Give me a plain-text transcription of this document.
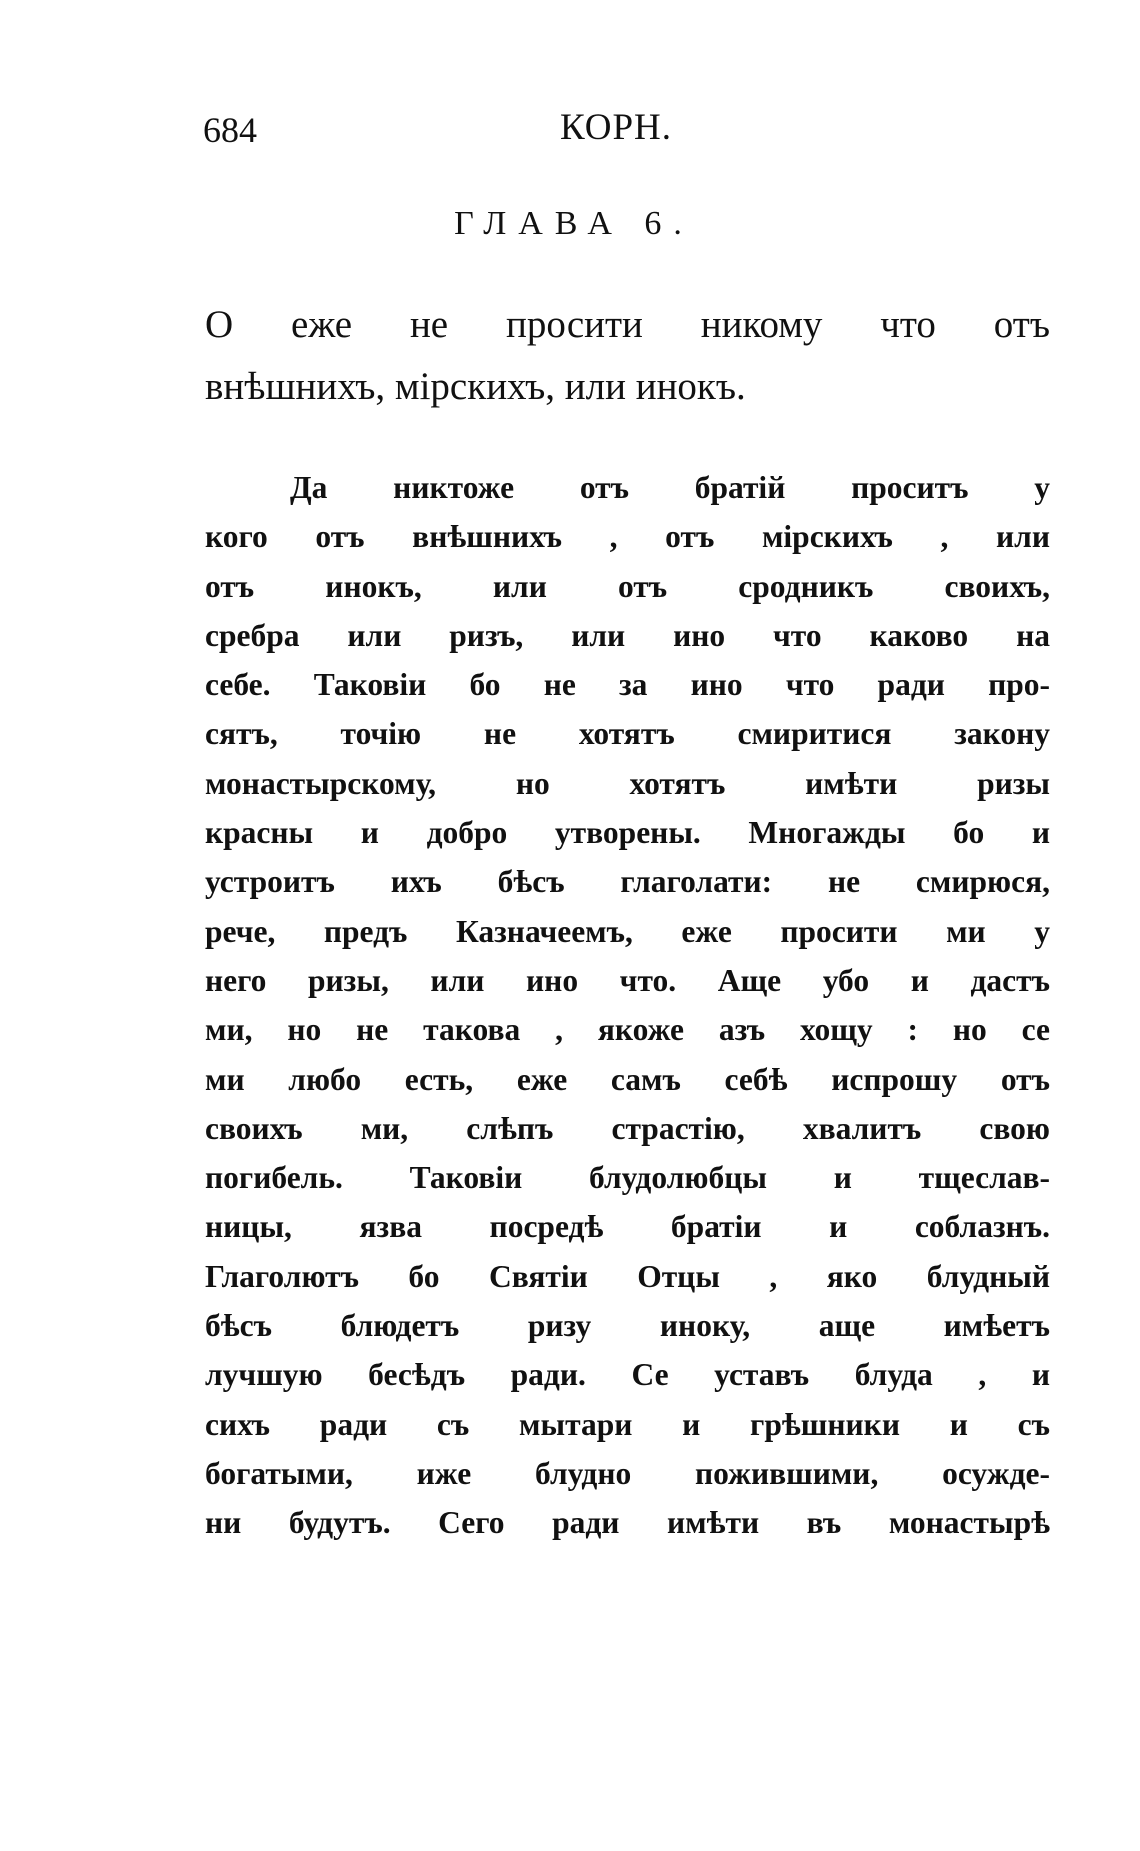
684	КОРН.
ГЛАВА 6.
О еже не просити никому что отъ
внѣшнихъ, мірскихъ, или инокъ.
Да никтоже отъ братій проситъ у
кого отъ внѣшнихъ , отъ мірскихъ , или
отъ инокъ, или отъ сродникъ своихъ,
сребра или ризъ, или ино что каково на
себе. Таковіи бо не за ино что ради про-
сятъ, точію не хотятъ смиритися закону
монастырскому, но хотятъ имѣти ризы
красны и добро утворены. Многажды бо и
устроитъ ихъ бѣсъ глаголати: не смирюся,
рече, предъ Казначеемъ, еже просити ми у
него ризы, или ино что. Аще убо и дастъ
ми, но не такова , якоже азъ хощу : но се
ми любо есть, еже самъ себѣ испрошу отъ
своихъ ми, слѣпъ страстію, хвалитъ свою
погибель. Таковіи блудолюбцы и тщеслав-
ницы, язва посредѣ братіи и соблазнъ.
Глаголютъ бо Святіи Отцы , яко блудный
бѣсъ блюдетъ ризу иноку, аще имѣетъ
лучшую бесѣдъ ради. Се уставъ блуда , и
сихъ ради съ мытари и грѣшники и съ
богатыми, иже блудно пожившими, осужде-
ни будутъ. Сего ради имѣти въ монастырѣ
